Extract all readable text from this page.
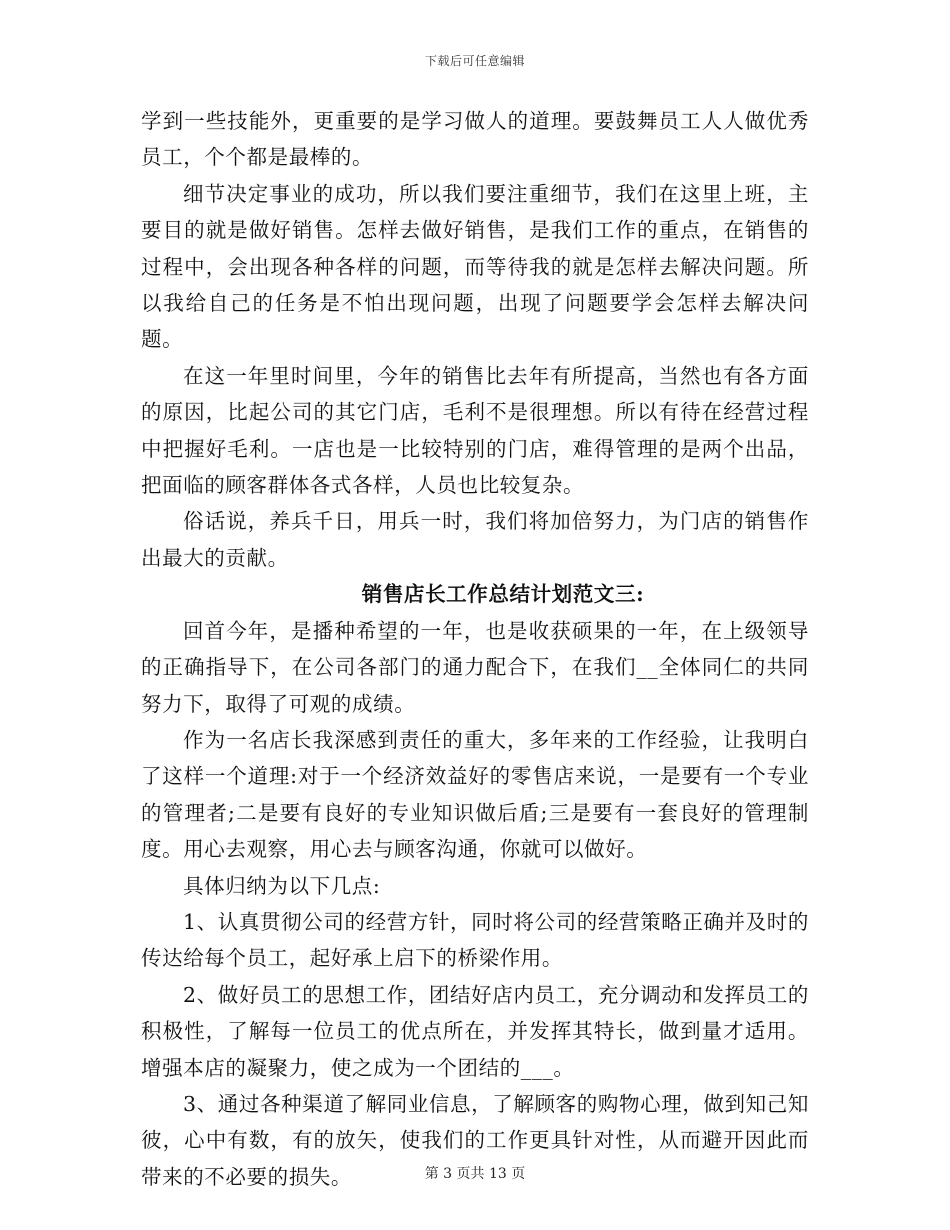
下载后可任意编辑

学到一些技能外，更重要的是学习做人的道理。要鼓舞员工人人做优秀员工，个个都是最棒的。

细节决定事业的成功，所以我们要注重细节，我们在这里上班，主要目的就是做好销售。怎样去做好销售，是我们工作的重点，在销售的过程中，会出现各种各样的问题，而等待我的就是怎样去解决问题。所以我给自己的任务是不怕出现问题，出现了问题要学会怎样去解决问题。

在这一年里时间里，今年的销售比去年有所提高，当然也有各方面的原因，比起公司的其它门店，毛利不是很理想。所以有待在经营过程中把握好毛利。一店也是一比较特别的门店，难得管理的是两个出品，把面临的顾客群体各式各样，人员也比较复杂。

俗话说，养兵千日，用兵一时，我们将加倍努力，为门店的销售作出最大的贡献。

销售店长工作总结计划范文三:

回首今年，是播种希望的一年，也是收获硕果的一年，在上级领导的正确指导下，在公司各部门的通力配合下，在我们__全体同仁的共同努力下，取得了可观的成绩。

作为一名店长我深感到责任的重大，多年来的工作经验，让我明白了这样一个道理:对于一个经济效益好的零售店来说，一是要有一个专业的管理者;二是要有良好的专业知识做后盾;三是要有一套良好的管理制度。用心去观察，用心去与顾客沟通，你就可以做好。

具体归纳为以下几点:

1、认真贯彻公司的经营方针，同时将公司的经营策略正确并及时的传达给每个员工，起好承上启下的桥梁作用。

2、做好员工的思想工作，团结好店内员工，充分调动和发挥员工的积极性，了解每一位员工的优点所在，并发挥其特长，做到量才适用。增强本店的凝聚力，使之成为一个团结的___。

3、通过各种渠道了解同业信息，了解顾客的购物心理，做到知己知彼，心中有数，有的放矢，使我们的工作更具针对性，从而避开因此而带来的不必要的损失。	第 3 页共 13 页
